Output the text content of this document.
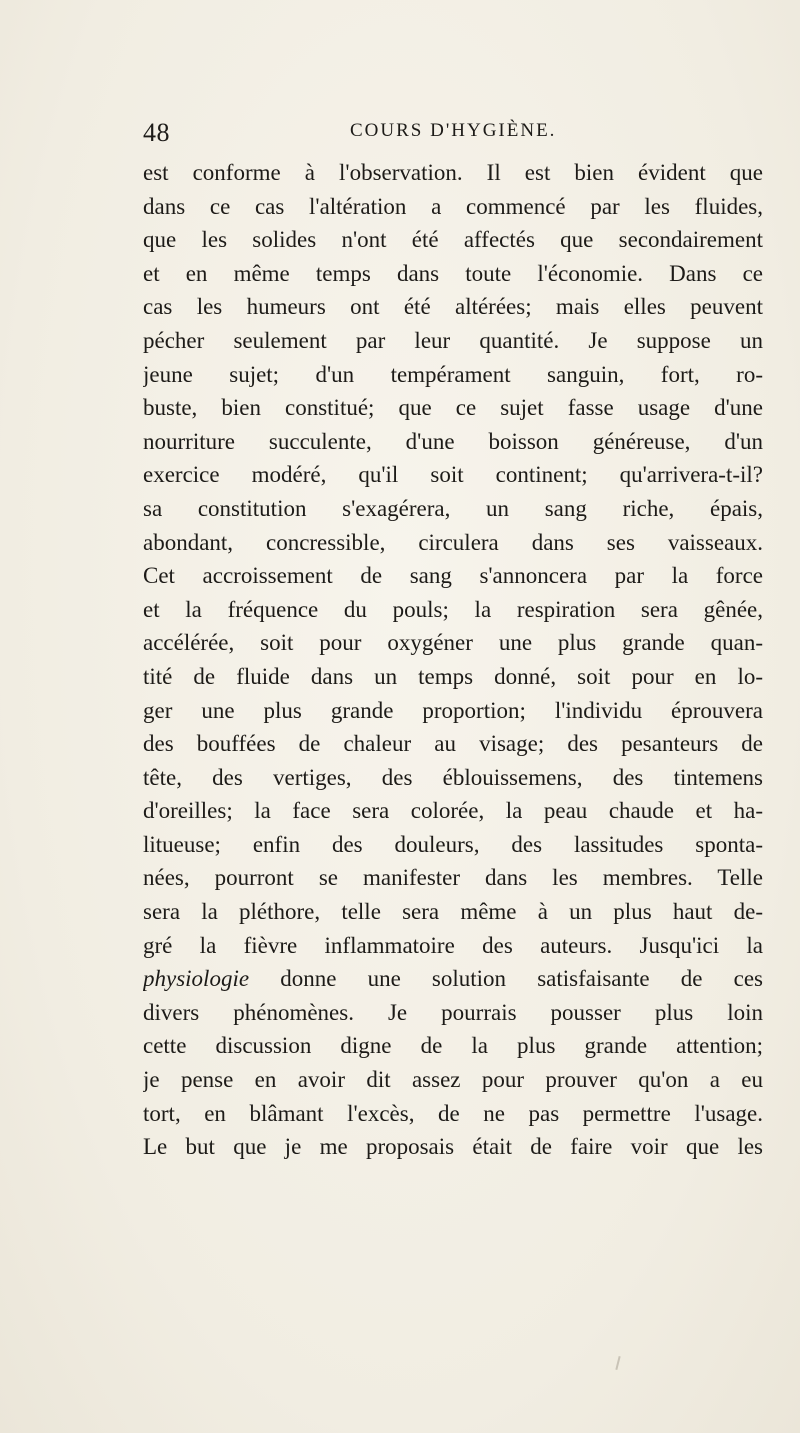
48	COURS D'HYGIÈNE.
est conforme à l'observation. Il est bien évident que
dans ce cas l'altération a commencé par les fluides,
que les solides n'ont été affectés que secondairement
et en même temps dans toute l'économie. Dans ce
cas les humeurs ont été altérées; mais elles peuvent
pécher seulement par leur quantité. Je suppose un
jeune sujet; d'un tempérament sanguin, fort, ro-
buste, bien constitué; que ce sujet fasse usage d'une
nourriture succulente, d'une boisson généreuse, d'un
exercice modéré, qu'il soit continent; qu'arrivera-t-il?
sa constitution s'exagérera, un sang riche, épais,
abondant, concressible, circulera dans ses vaisseaux.
Cet accroissement de sang s'annoncera par la force
et la fréquence du pouls; la respiration sera gênée,
accélérée, soit pour oxygéner une plus grande quan-
tité de fluide dans un temps donné, soit pour en lo-
ger une plus grande proportion; l'individu éprouvera
des bouffées de chaleur au visage; des pesanteurs de
tête, des vertiges, des éblouissemens, des tintemens
d'oreilles; la face sera colorée, la peau chaude et ha-
litueuse; enfin des douleurs, des lassitudes sponta-
nées, pourront se manifester dans les membres. Telle
sera la pléthore, telle sera même à un plus haut de-
gré la fièvre inflammatoire des auteurs. Jusqu'ici la
physiologie donne une solution satisfaisante de ces
divers phénomènes. Je pourrais pousser plus loin
cette discussion digne de la plus grande attention;
je pense en avoir dit assez pour prouver qu'on a eu
tort, en blâmant l'excès, de ne pas permettre l'usage.
Le but que je me proposais était de faire voir que les
